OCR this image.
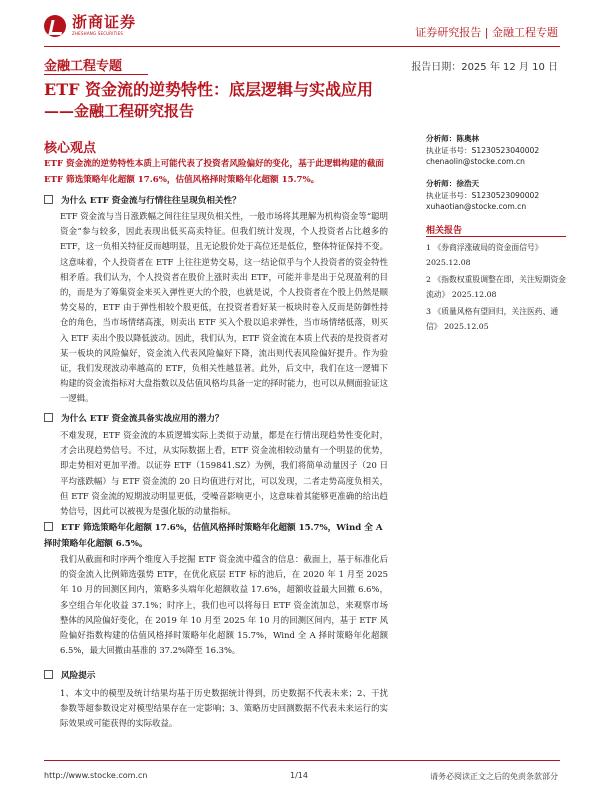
浙商证券
ZHESHANG SECURITIES	证券研究报告 | 金融工程专题
金融工程专题	报告日期：2025 年 12 月 10 日
ETF 资金流的逆势特性：底层逻辑与实战应用
——金融工程研究报告
核心观点
ETF 资金流的逆势特性本质上可能代表了投资者风险偏好的变化，基于此逻辑构建的截面 ETF 筛选策略年化超额 17.6%，估值风格择时策略年化超额 15.7%。
为什么 ETF 资金流与行情往往呈现负相关性？
ETF 资金流与当日涨跌幅之间往往呈现负相关性，一般市场将其理解为机构资金等“聪明资金”参与较多，因此表现出低买高卖特征。但我们统计发现，个人投资者占比越多的 ETF，这一负相关特征反而越明显，且无论股价处于高位还是低位，整体特征保持不变。这意味着，个人投资者在 ETF 上往往逆势交易，这一结论似乎与个人投资者的资金特性相矛盾。我们认为，个人投资者在股价上涨时卖出 ETF，可能并非是出于兑现盈利的目的，而是为了筹集资金来买入弹性更大的个股，也就是说，个人投资者在个股上仍然是顺势交易的，ETF 由于弹性相较个股更低，在投资者看好某一板块时卷入反而是防御性持仓的角色，当市场情绪高涨，则卖出 ETF 买入个股以追求弹性，当市场情绪低落，则买入 ETF 卖出个股以降低波动。因此，我们认为，ETF 资金流在本质上代表的是投资者对某一板块的风险偏好，资金流入代表风险偏好下降，流出则代表风险偏好提升。作为验证，我们发现波动率越高的 ETF，负相关性越显著。此外，后文中，我们在这一逻辑下构建的资金流指标对大盘指数以及估值风格均具备一定的择时能力，也可以从侧面验证这一逻辑。
为什么 ETF 资金流具备实战应用的潜力？
不难发现，ETF 资金流的本质逻辑实际上类似于动量，都是在行情出现趋势性变化时，才会出现趋势信号。不过，从实际数据上看，ETF 资金流相较动量有一个明显的优势，即走势相对更加平滑。以证券 ETF（159841.SZ）为例，我们将简单动量因子（20 日平均涨跌幅）与 ETF 资金流的 20 日均值进行对比，可以发现，二者走势高度负相关，但 ETF 资金流的短期波动明显更低，受噪音影响更小，这意味着其能够更准确的给出趋势信号，因此可以被视为是强化版的动量指标。
ETF 筛选策略年化超额 17.6%，估值风格择时策略年化超额 15.7%，Wind 全 A 择时策略年化超额 6.5%。
我们从截面和时序两个维度入手挖掘 ETF 资金流中蕴含的信息：截面上，基于标准化后的资金流入比例筛选强势 ETF，在优化底层 ETF 标的池后，在 2020 年 1 月至 2025 年 10 月的回测区间内，策略多头端年化超额收益 17.6%，超额收益最大回撤 6.6%，多空组合年化收益 37.1%；时序上，我们也可以将每日 ETF 资金流加总，来观察市场整体的风险偏好变化，在 2019 年 10 月至 2025 年 10 月的回测区间内，基于 ETF 风险偏好指数构建的估值风格择时策略年化超额 15.7%，Wind 全 A 择时策略年化超额 6.5%，最大回撤由基准的 37.2%降至 16.3%。
风险提示
1、本文中的模型及统计结果均基于历史数据统计得到，历史数据不代表未来；2、干扰参数等超参数设定对模型结果存在一定影响；3、策略历史回测数据不代表未来运行的实际效果或可能获得的实际收益。
分析师：陈奥林
执业证书号：S1230523040002
chenaolin@stocke.com.cn
分析师：徐浩天
执业证书号：S1230523090002
xuhaotian@stocke.com.cn
相关报告
1 《券商浮涨破局的资金面信号》 2025.12.08
2 《指数权重股调整在即，关注短期资金流动》 2025.12.08
3 《质量风格有望回归，关注医药、通信》 2025.12.05
http://www.stocke.com.cn	1/14	请务必阅读正文之后的免责条款部分
